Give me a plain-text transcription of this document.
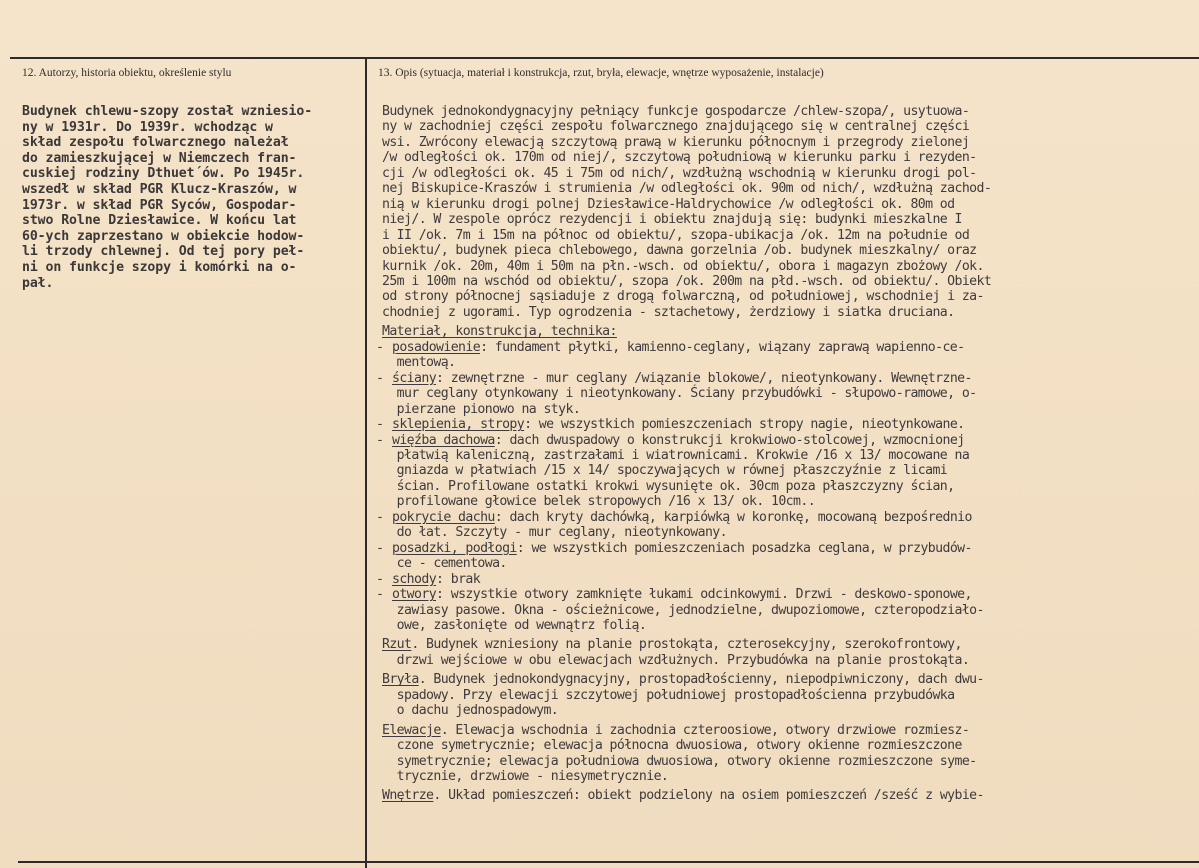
12. Autorzy, historia obiektu, określenie stylu	13. Opis (sytuacja, materiał i konstrukcja, rzut, bryła, elewacje, wnętrze wyposażenie, instalacje)
Budynek chlewu-szopy został wzniesio-
ny w 1931r. Do 1939r. wchodząc w
skład zespołu folwarcznego należał
do zamieszkującej w Niemczech fran-
cuskiej rodziny Dthuet´ów. Po 1945r.
wszedł w skład PGR Klucz-Kraszów, w
1973r. w skład PGR Syców, Gospodar-
stwo Rolne Dziesławice. W końcu lat
60-ych zaprzestano w obiekcie hodow-
li trzody chlewnej. Od tej pory peł-
ni on funkcje szopy i komórki na o-
pał.
Budynek jednokondygnacyjny pełniący funkcje gospodarcze /chlew-szopa/, usytuowa-
ny w zachodniej części zespołu folwarcznego znajdującego się w centralnej części
wsi. Zwrócony elewacją szczytową prawą w kierunku północnym i przegrody zielonej
/w odległości ok. 170m od niej/, szczytową południową w kierunku parku i rezyden-
cji /w odległości ok. 45 i 75m od nich/, wzdłużną wschodnią w kierunku drogi pol-
nej Biskupice-Kraszów i strumienia /w odległości ok. 90m od nich/, wzdłużną zachod-
nią w kierunku drogi polnej Dziesławice-Haldrychowice /w odległości ok. 80m od
niej/. W zespole oprócz rezydencji i obiektu znajdują się: budynki mieszkalne I
i II /ok. 7m i 15m na północ od obiektu/, szopa-ubikacja /ok. 12m na południe od
obiektu/, budynek pieca chlebowego, dawna gorzelnia /ob. budynek mieszkalny/ oraz
kurnik /ok. 20m, 40m i 50m na płn.-wsch. od obiektu/, obora i magazyn zbożowy /ok.
25m i 100m na wschód od obiektu/, szopa /ok. 200m na płd.-wsch. od obiektu/. Obiekt
od strony północnej sąsiaduje z drogą folwarczną, od południowej, wschodniej i za-
chodniej z ugorami. Typ ogrodzenia - sztachetowy, żerdziowy i siatka druciana.
Materiał, konstrukcja, technika:
- posadowienie: fundament płytki, kamienno-ceglany, wiązany zaprawą wapienno-ce-
mentową.
- ściany: zewnętrzne - mur ceglany /wiązanie blokowe/, nieotynkowany. Wewnętrzne-
mur ceglany otynkowany i nieotynkowany. Ściany przybudówki - słupowo-ramowe, o-
pierzane pionowo na styk.
- sklepienia, stropy: we wszystkich pomieszczeniach stropy nagie, nieotynkowane.
- więźba dachowa: dach dwuspadowy o konstrukcji krokwiowo-stolcowej, wzmocnionej
płatwią kaleniczną, zastrzałami i wiatrownicami. Krokwie /16 x 13/ mocowane na
gniazda w płatwiach /15 x 14/ spoczywających w równej płaszczyźnie z licami
ścian. Profilowane ostatki krokwi wysunięte ok. 30cm poza płaszczyzny ścian,
profilowane głowice belek stropowych /16 x 13/ ok. 10cm..
- pokrycie dachu: dach kryty dachówką, karpiówką w koronkę, mocowaną bezpośrednio
do łat. Szczyty - mur ceglany, nieotynkowany.
- posadzki, podłogi: we wszystkich pomieszczeniach posadzka ceglana, w przybudów-
ce - cementowa.
- schody: brak
- otwory: wszystkie otwory zamknięte łukami odcinkowymi. Drzwi - deskowo-sponowe,
zawiasy pasowe. Okna - ościeżnicowe, jednodzielne, dwupoziomowe, czteropodziało-
owe, zasłonięte od wewnątrz folią.
Rzut. Budynek wzniesiony na planie prostokąta, czterosekcyjny, szerokofrontowy,
drzwi wejściowe w obu elewacjach wzdłużnych. Przybudówka na planie prostokąta.
Bryła. Budynek jednokondygnacyjny, prostopadłościenny, niepodpiwniczony, dach dwu-
spadowy. Przy elewacji szczytowej południowej prostopadłościenna przybudówka
o dachu jednospadowym.
Elewacje. Elewacja wschodnia i zachodnia czteroosiowe, otwory drzwiowe rozmiesz-
czone symetrycznie; elewacja północna dwuosiowa, otwory okienne rozmieszczone
symetrycznie; elewacja południowa dwuosiowa, otwory okienne rozmieszczone syme-
trycznie, drzwiowe - niesymetrycznie.
Wnętrze. Układ pomieszczeń: obiekt podzielony na osiem pomieszczeń /sześć z wybie-
